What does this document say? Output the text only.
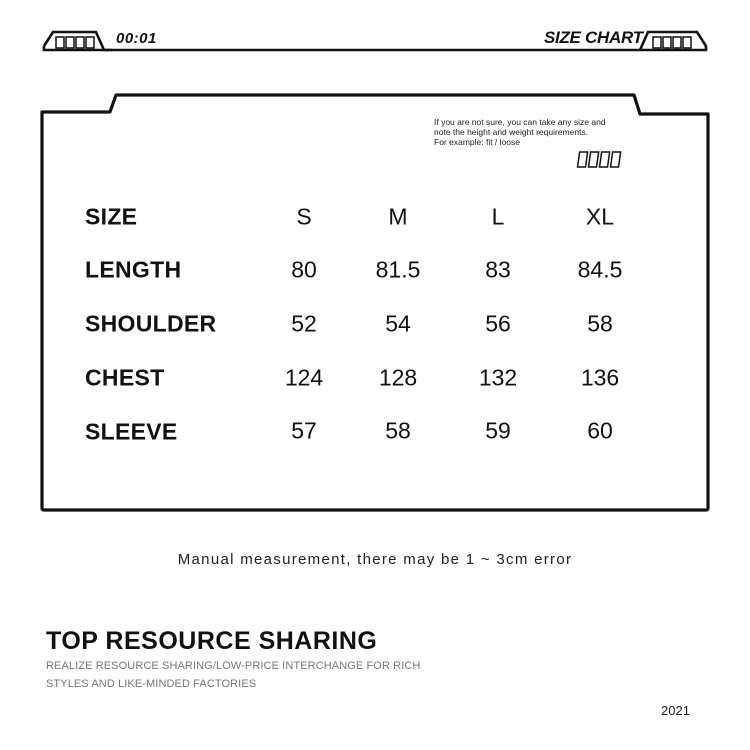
00:01	SIZE CHART
If you are not sure, you can take any size and
note the height and weight requirements.
For example: fit / loose
SIZE	S	M	L	XL
LENGTH	80	81.5	83	84.5
SHOULDER	52	54	56	58
CHEST	124	128	132	136
SLEEVE	57	58	59	60
Manual measurement, there may be 1 ~ 3cm error
TOP RESOURCE SHARING
REALIZE RESOURCE SHARING/LOW-PRICE INTERCHANGE FOR RICH
STYLES AND LIKE-MINDED FACTORIES
2021
